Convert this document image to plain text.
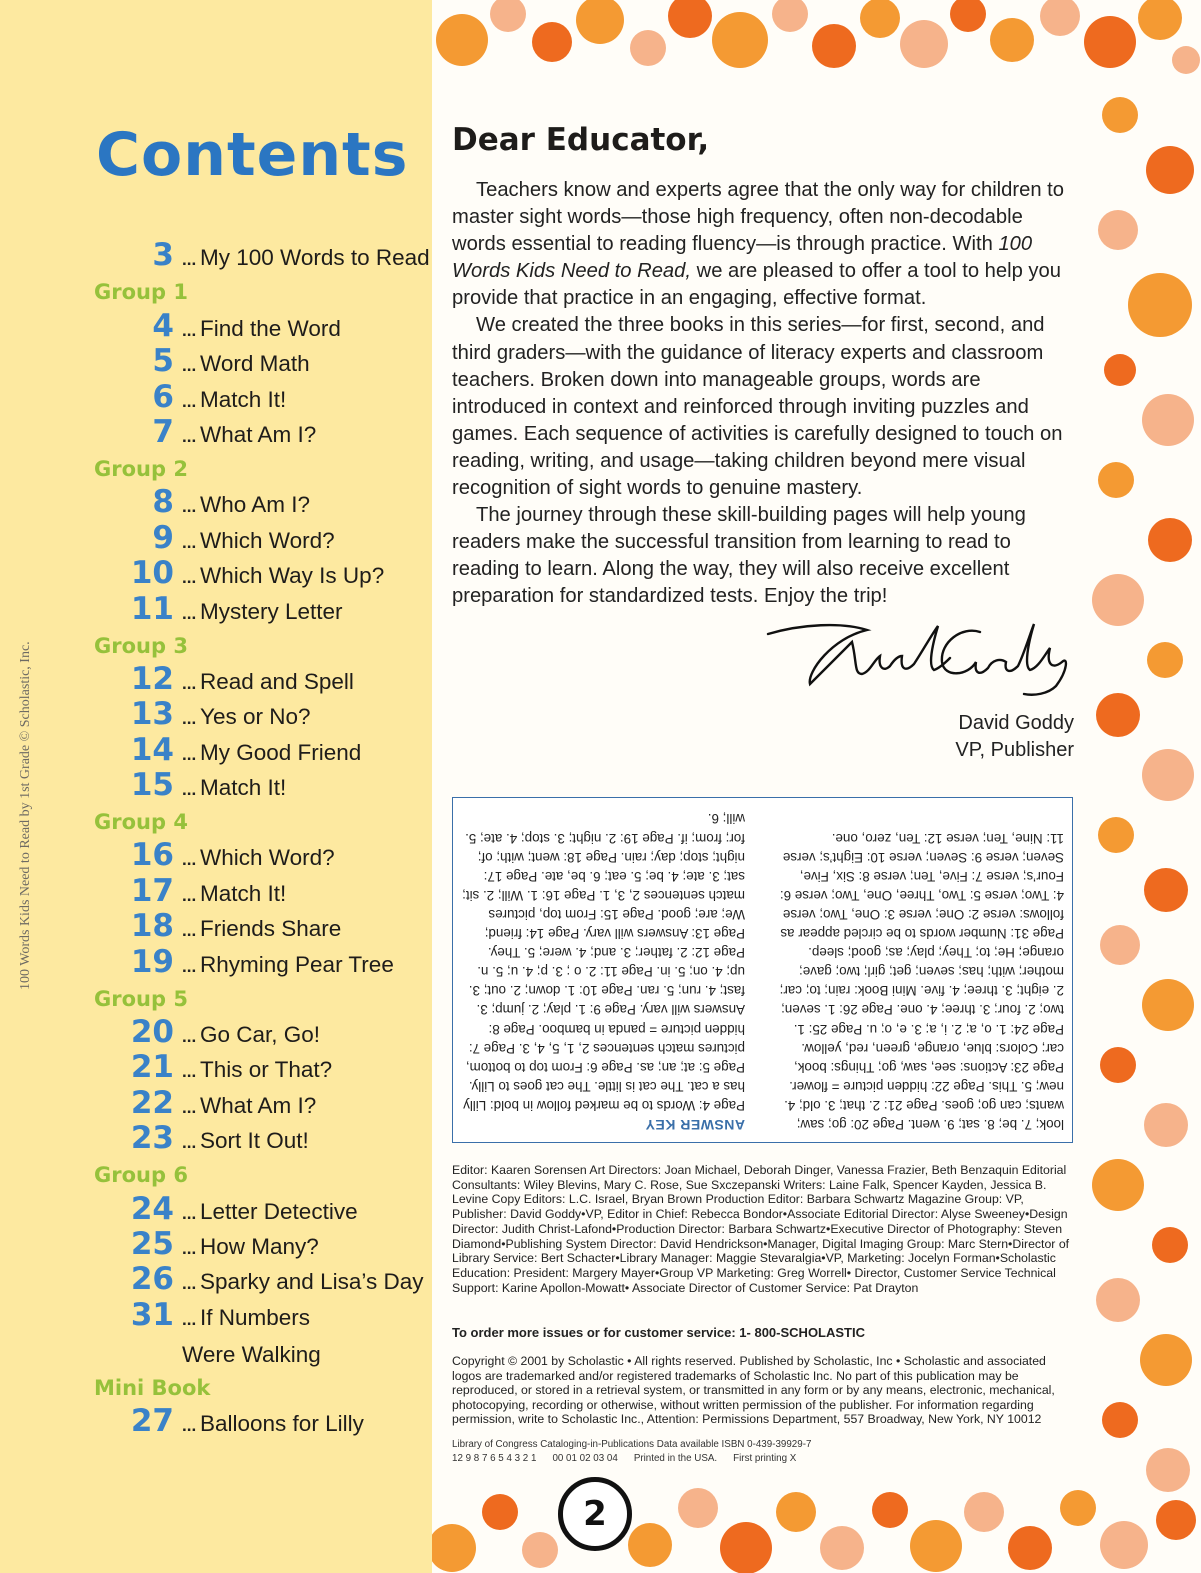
100 Words Kids Need to Read by 1st Grade © Scholastic, Inc.
Contents
3 ... My 100 Words to Read
Group 1
4 ... Find the Word
5 ... Word Math
6 ... Match It!
7 ... What Am I?
Group 2
8 ... Who Am I?
9 ... Which Word?
10 ... Which Way Is Up?
11 ... Mystery Letter
Group 3
12 ... Read and Spell
13 ... Yes or No?
14 ... My Good Friend
15 ... Match It!
Group 4
16 ... Which Word?
17 ... Match It!
18 ... Friends Share
19 ... Rhyming Pear Tree
Group 5
20 ... Go Car, Go!
21 ... This or That?
22 ... What Am I?
23 ... Sort It Out!
Group 6
24 ... Letter Detective
25 ... How Many?
26 ... Sparky and Lisa’s Day
31 ... If Numbers
Were Walking
Mini Book
27 ... Balloons for Lilly
Dear Educator,

Teachers know and experts agree that the only way for children to master sight words—those high frequency, often non-decodable words essential to reading fluency—is through practice. With 100 Words Kids Need to Read, we are pleased to offer a tool to help you provide that practice in an engaging, effective format.

We created the three books in this series—for first, second, and third graders—with the guidance of literacy experts and classroom teachers. Broken down into manageable groups, words are introduced in context and reinforced through inviting puzzles and games. Each sequence of activities is carefully designed to touch on reading, writing, and usage—taking children beyond mere visual recognition of sight words to genuine mastery.

The journey through these skill-building pages will help young readers make the successful transition from learning to read to reading to learn. Along the way, they will also receive excellent preparation for standardized tests. Enjoy the trip!

David Goddy
VP, Publisher
ANSWER KEY
Page 4: Words to be marked follow in bold: Lilly has a cat. The cat is little. The cat goes to Lilly. Page 5: at; an; as. Page 6: From top to bottom, pictures match sentences 2, 1, 5, 4, 3. Page 7: hidden picture = panda in bamboo. Page 8: Answers will vary. Page 9: 1. play; 2. jump; 3. fast; 4. run; 5. ran. Page 10: 1. down; 2. out; 3. up; 4. on; 5. in. Page 11: 2. o ; 3. p; 4. u; 5. n. Page 12: 2. father; 3. and; 4. were; 5. They. Page 13: Answers will vary. Page 14: friend; We; are; good. Page 15: From top, pictures match sentences 2, 3, 1. Page 16: 1. Will; 2. sit; sat; 3. ate; 4. be; 5. eat; 6. be, ate. Page 17: night; stop; day; rain. Page 18: went; with; of; for; from; if. Page 19: 2. night; 3. stop; 4. ate; 5. will; 6.
look; 7. be; 8. sat; 9. went. Page 20: go; saw; wants; can go; goes. Page 21: 2. that; 3. old; 4. new; 5. This. Page 22: hidden picture = flower. Page 23: Actions: see, saw, go; Things: book, car; Colors: blue, orange, green, red, yellow. Page 24: 1. o, a; 2. i, a; 3. e, o; u. Page 25: 1. two; 2. four; 3. three; 4. one. Page 26: 1. seven; 2. eight; 3. three; 4. five. Mini Book: rain; to; car; mother; with; has; seven; get; girl; two; gave; orange; He; to; They; play; as; good; sleep. Page 31: Number words to be circled appear as follows: verse 2: One; verse 3: One, Two; verse 4: Two; verse 5: Two, Three, One, Two; verse 6: Four’s; verse 7: Five, Ten; verse 8: Six, Five, Seven; verse 9: Seven; verse 10: Eight’s; verse 11: Nine, Ten; verse 12: Ten, zero, one.
Editor: Kaaren Sorensen Art Directors: Joan Michael, Deborah Dinger, Vanessa Frazier, Beth Benzaquin Editorial Consultants: Wiley Blevins, Mary C. Rose, Sue Sxczepanski Writers: Laine Falk, Spencer Kayden, Jessica B. Levine Copy Editors: L.C. Israel, Bryan Brown Production Editor: Barbara Schwartz Magazine Group: VP, Publisher: David Goddy•VP, Editor in Chief: Rebecca Bondor•Associate Editorial Director: Alyse Sweeney•Design Director: Judith Christ-Lafond•Production Director: Barbara Schwartz•Executive Director of Photography: Steven Diamond•Publishing System Director: David Hendrickson•Manager, Digital Imaging Group: Marc Stern•Director of Library Service: Bert Schacter•Library Manager: Maggie Stevaralgia•VP, Marketing: Jocelyn Forman•Scholastic Education: President: Margery Mayer•Group VP Marketing: Greg Worrell• Director, Customer Service Technical Support: Karine Apollon-Mowatt• Associate Director of Customer Service: Pat Drayton
To order more issues or for customer service: 1- 800-SCHOLASTIC
Copyright © 2001 by Scholastic • All rights reserved. Published by Scholastic, Inc • Scholastic and associated logos are trademarked and/or registered trademarks of Scholastic Inc. No part of this publication may be reproduced, or stored in a retrieval system, or transmitted in any form or by any means, electronic, mechanical, photocopying, recording or otherwise, without written permission of the publisher. For information regarding permission, write to Scholastic Inc., Attention: Permissions Department, 557 Broadway, New York, NY 10012
Library of Congress Cataloging-in-Publications Data available ISBN 0-439-39929-7
12 9 8 7 6 5 4 3 2 1 00 01 02 03 04 Printed in the USA. First printing X
2
